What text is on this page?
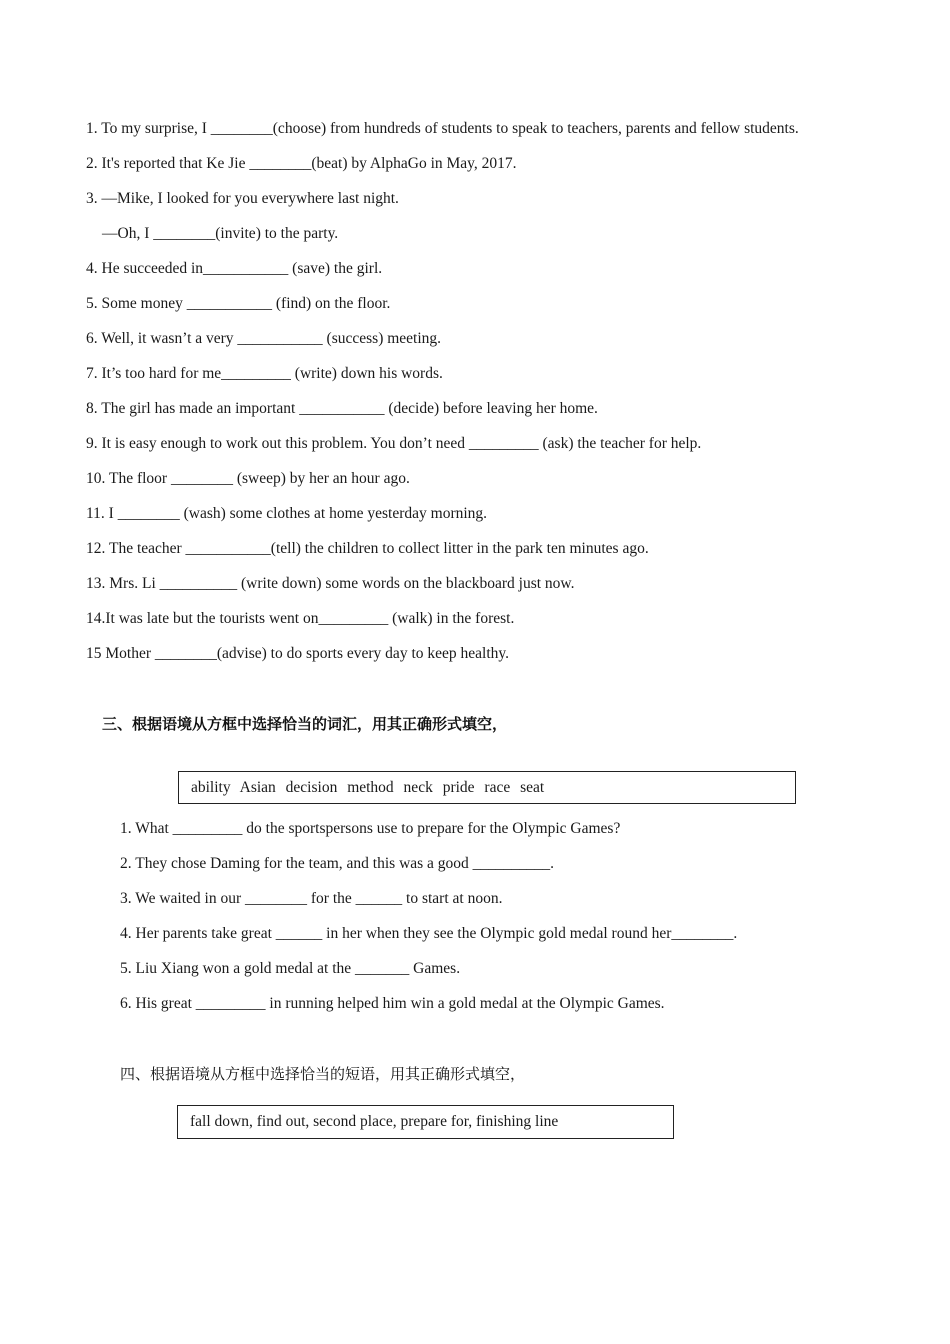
1. To my surprise, I ________(choose) from hundreds of students to speak to teachers, parents and fellow students.
2. It's reported that Ke Jie ________(beat) by AlphaGo in May, 2017.
3. —Mike, I looked for you everywhere last night.
—Oh, I ________(invite) to the party.
4. He succeeded in___________ (save) the girl.
5. Some money ___________ (find) on the floor.
6. Well, it wasn’t a very ___________ (success) meeting.
7. It’s too hard for me_________ (write) down his words.
8. The girl has made an important ___________ (decide) before leaving her home.
9. It is easy enough to work out this problem. You don’t need _________ (ask) the teacher for help.
10. The floor ________ (sweep) by her an hour ago.
11. I ________ (wash) some clothes at home yesterday morning.
12. The teacher ___________(tell) the children to collect litter in the park ten minutes ago.
13. Mrs. Li __________ (write down) some words on the blackboard just now.
14.It was late but the tourists went on_________ (walk) in the forest.
15 Mother ________(advise) to do sports every day to keep healthy.
三、根据语境从方框中选择恰当的词汇，用其正确形式填空，
ability Asian decision method neck pride race seat
1. What _________ do the sportspersons use to prepare for the Olympic Games?
2. They chose Daming for the team, and this was a good __________.
3. We waited in our ________ for the ______ to start at noon.
4. Her parents take great ______ in her when they see the Olympic gold medal round her________.
5. Liu Xiang won a gold medal at the _______ Games.
6. His great _________ in running helped him win a gold medal at the Olympic Games.
四、根据语境从方框中选择恰当的短语，用其正确形式填空，
fall down, find out, second place, prepare for, finishing line
